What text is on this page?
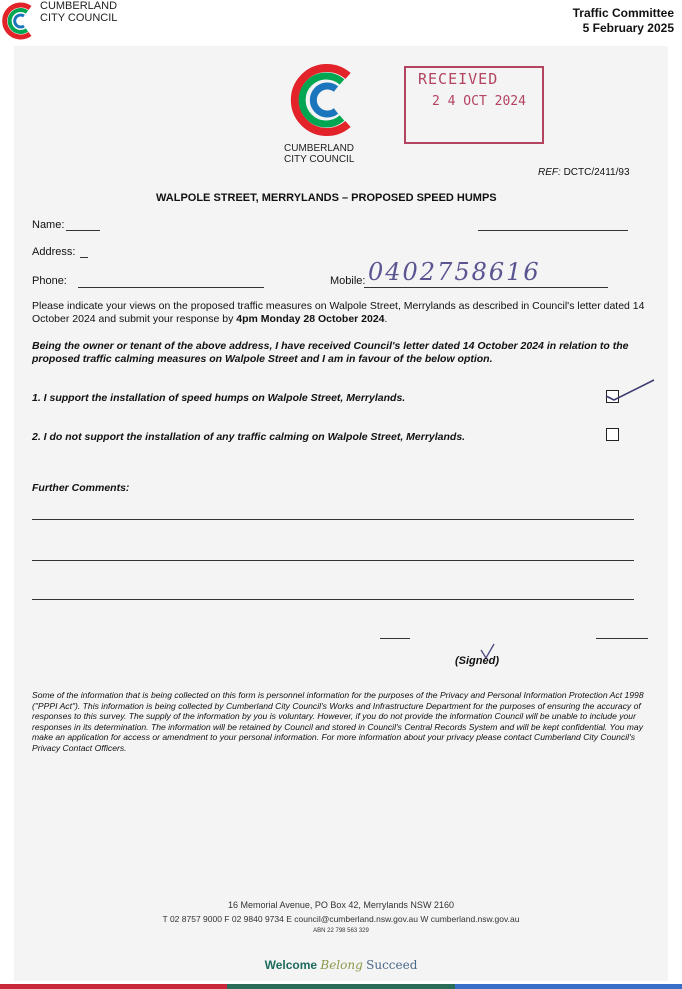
CUMBERLAND
CITY COUNCIL	Traffic Committee
5 February 2025
CUMBERLAND
CITY COUNCIL
RECEIVED
2 4 OCT 2024
REF: DCTC/2411/93
WALPOLE STREET, MERRYLANDS – PROPOSED SPEED HUMPS
Name:
Address:
Phone:	Mobile: 0402758616
Please indicate your views on the proposed traffic measures on Walpole Street, Merrylands as described in Council's letter dated 14 October 2024 and submit your response by 4pm Monday 28 October 2024.
Being the owner or tenant of the above address, I have received Council's letter dated 14 October 2024 in relation to the proposed traffic calming measures on Walpole Street and I am in favour of the below option.
1. I support the installation of speed humps on Walpole Street, Merrylands.
2. I do not support the installation of any traffic calming on Walpole Street, Merrylands.
Further Comments:
(Signed)
Some of the information that is being collected on this form is personnel information for the purposes of the Privacy and Personal Information Protection Act 1998 ("PPPI Act"). This information is being collected by Cumberland City Council's Works and Infrastructure Department for the purposes of ensuring the accuracy of responses to this survey. The supply of the information by you is voluntary. However, if you do not provide the information Council will be unable to include your responses in its determination. The information will be retained by Council and stored in Council's Central Records System and will be kept confidential. You may make an application for access or amendment to your personal information. For more information about your privacy please contact Cumberland City Council's Privacy Contact Officers.
16 Memorial Avenue, PO Box 42, Merrylands NSW 2160
T 02 8757 9000 F 02 9840 9734 E council@cumberland.nsw.gov.au W cumberland.nsw.gov.au
ABN 22 798 563 329
Welcome Belong Succeed
